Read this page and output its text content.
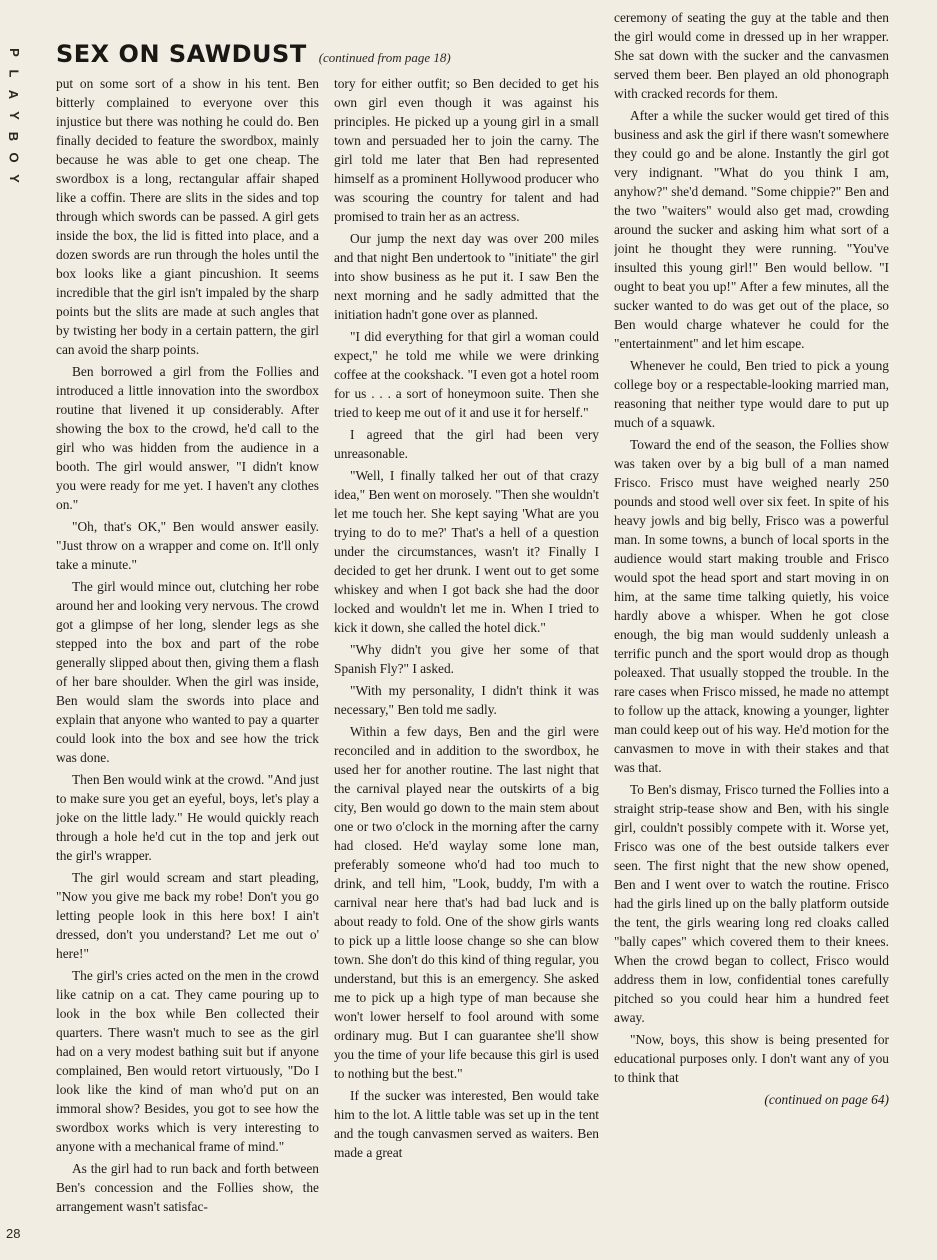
P
L
A
Y
B
O
Y
SEX ON SAWDUST (continued from page 18)

put on some sort of a show in his tent. Ben bitterly complained to everyone over this injustice but there was nothing he could do. Ben finally decided to feature the swordbox, mainly because he was able to get one cheap. The swordbox is a long, rectangular affair shaped like a coffin. There are slits in the sides and top through which swords can be passed. A girl gets inside the box, the lid is fitted into place, and a dozen swords are run through the holes until the box looks like a giant pincushion. It seems incredible that the girl isn't impaled by the sharp points but the slits are made at such angles that by twisting her body in a certain pattern, the girl can avoid the sharp points.

Ben borrowed a girl from the Follies and introduced a little innovation into the swordbox routine that livened it up considerably. After showing the box to the crowd, he'd call to the girl who was hidden from the audience in a booth. The girl would answer, "I didn't know you were ready for me yet. I haven't any clothes on."

"Oh, that's OK," Ben would answer easily. "Just throw on a wrapper and come on. It'll only take a minute."

The girl would mince out, clutching her robe around her and looking very nervous. The crowd got a glimpse of her long, slender legs as she stepped into the box and part of the robe generally slipped about then, giving them a flash of her bare shoulder. When the girl was inside, Ben would slam the swords into place and explain that anyone who wanted to pay a quarter could look into the box and see how the trick was done.

Then Ben would wink at the crowd. "And just to make sure you get an eyeful, boys, let's play a joke on the little lady." He would quickly reach through a hole he'd cut in the top and jerk out the girl's wrapper.

The girl would scream and start pleading, "Now you give me back my robe! Don't you go letting people look in this here box! I ain't dressed, don't you understand? Let me out o' here!"

The girl's cries acted on the men in the crowd like catnip on a cat. They came pouring up to look in the box while Ben collected their quarters. There wasn't much to see as the girl had on a very modest bathing suit but if anyone complained, Ben would retort virtuously, "Do I look like the kind of man who'd put on an immoral show? Besides, you got to see how the swordbox works which is very interesting to anyone with a mechanical frame of mind."

As the girl had to run back and forth between Ben's concession and the Follies show, the arrangement wasn't satisfac-

tory for either outfit; so Ben decided to get his own girl even though it was against his principles. He picked up a young girl in a small town and persuaded her to join the carny. The girl told me later that Ben had represented himself as a prominent Hollywood producer who was scouring the country for talent and had promised to train her as an actress.

Our jump the next day was over 200 miles and that night Ben undertook to "initiate" the girl into show business as he put it. I saw Ben the next morning and he sadly admitted that the initiation hadn't gone over as planned.

"I did everything for that girl a woman could expect," he told me while we were drinking coffee at the cookshack. "I even got a hotel room for us . . . a sort of honeymoon suite. Then she tried to keep me out of it and use it for herself."

I agreed that the girl had been very unreasonable.

"Well, I finally talked her out of that crazy idea," Ben went on morosely. "Then she wouldn't let me touch her. She kept saying 'What are you trying to do to me?' That's a hell of a question under the circumstances, wasn't it? Finally I decided to get her drunk. I went out to get some whiskey and when I got back she had the door locked and wouldn't let me in. When I tried to kick it down, she called the hotel dick."

"Why didn't you give her some of that Spanish Fly?" I asked.

"With my personality, I didn't think it was necessary," Ben told me sadly.

Within a few days, Ben and the girl were reconciled and in addition to the swordbox, he used her for another routine. The last night that the carnival played near the outskirts of a big city, Ben would go down to the main stem about one or two o'clock in the morning after the carny had closed. He'd waylay some lone man, preferably someone who'd had too much to drink, and tell him, "Look, buddy, I'm with a carnival near here that's had bad luck and is about ready to fold. One of the show girls wants to pick up a little loose change so she can blow town. She don't do this kind of thing regular, you understand, but this is an emergency. She asked me to pick up a high type of man because she won't lower herself to fool around with some ordinary mug. But I can guarantee she'll show you the time of your life because this girl is used to nothing but the best."

If the sucker was interested, Ben would take him to the lot. A little table was set up in the tent and the tough canvasmen served as waiters. Ben made a great

ceremony of seating the guy at the table and then the girl would come in dressed up in her wrapper. She sat down with the sucker and the canvasmen served them beer. Ben played an old phonograph with cracked records for them.

After a while the sucker would get tired of this business and ask the girl if there wasn't somewhere they could go and be alone. Instantly the girl got very indignant. "What do you think I am, anyhow?" she'd demand. "Some chippie?" Ben and the two "waiters" would also get mad, crowding around the sucker and asking him what sort of a joint he thought they were running. "You've insulted this young girl!" Ben would bellow. "I ought to beat you up!" After a few minutes, all the sucker wanted to do was get out of the place, so Ben would charge whatever he could for the "entertainment" and let him escape.

Whenever he could, Ben tried to pick a young college boy or a respectable-looking married man, reasoning that neither type would dare to put up much of a squawk.

Toward the end of the season, the Follies show was taken over by a big bull of a man named Frisco. Frisco must have weighed nearly 250 pounds and stood well over six feet. In spite of his heavy jowls and big belly, Frisco was a powerful man. In some towns, a bunch of local sports in the audience would start making trouble and Frisco would spot the head sport and start moving in on him, at the same time talking quietly, his voice hardly above a whisper. When he got close enough, the big man would suddenly unleash a terrific punch and the sport would drop as though poleaxed. That usually stopped the trouble. In the rare cases when Frisco missed, he made no attempt to follow up the attack, knowing a younger, lighter man could keep out of his way. He'd motion for the canvasmen to move in with their stakes and that was that.

To Ben's dismay, Frisco turned the Follies into a straight strip-tease show and Ben, with his single girl, couldn't possibly compete with it. Worse yet, Frisco was one of the best outside talkers ever seen. The first night that the new show opened, Ben and I went over to watch the routine. Frisco had the girls lined up on the bally platform outside the tent, the girls wearing long red cloaks called "bally capes" which covered them to their knees. When the crowd began to collect, Frisco would address them in low, confidential tones carefully pitched so you could hear him a hundred feet away.

"Now, boys, this show is being presented for educational purposes only. I don't want any of you to think that

(continued on page 64)
28
